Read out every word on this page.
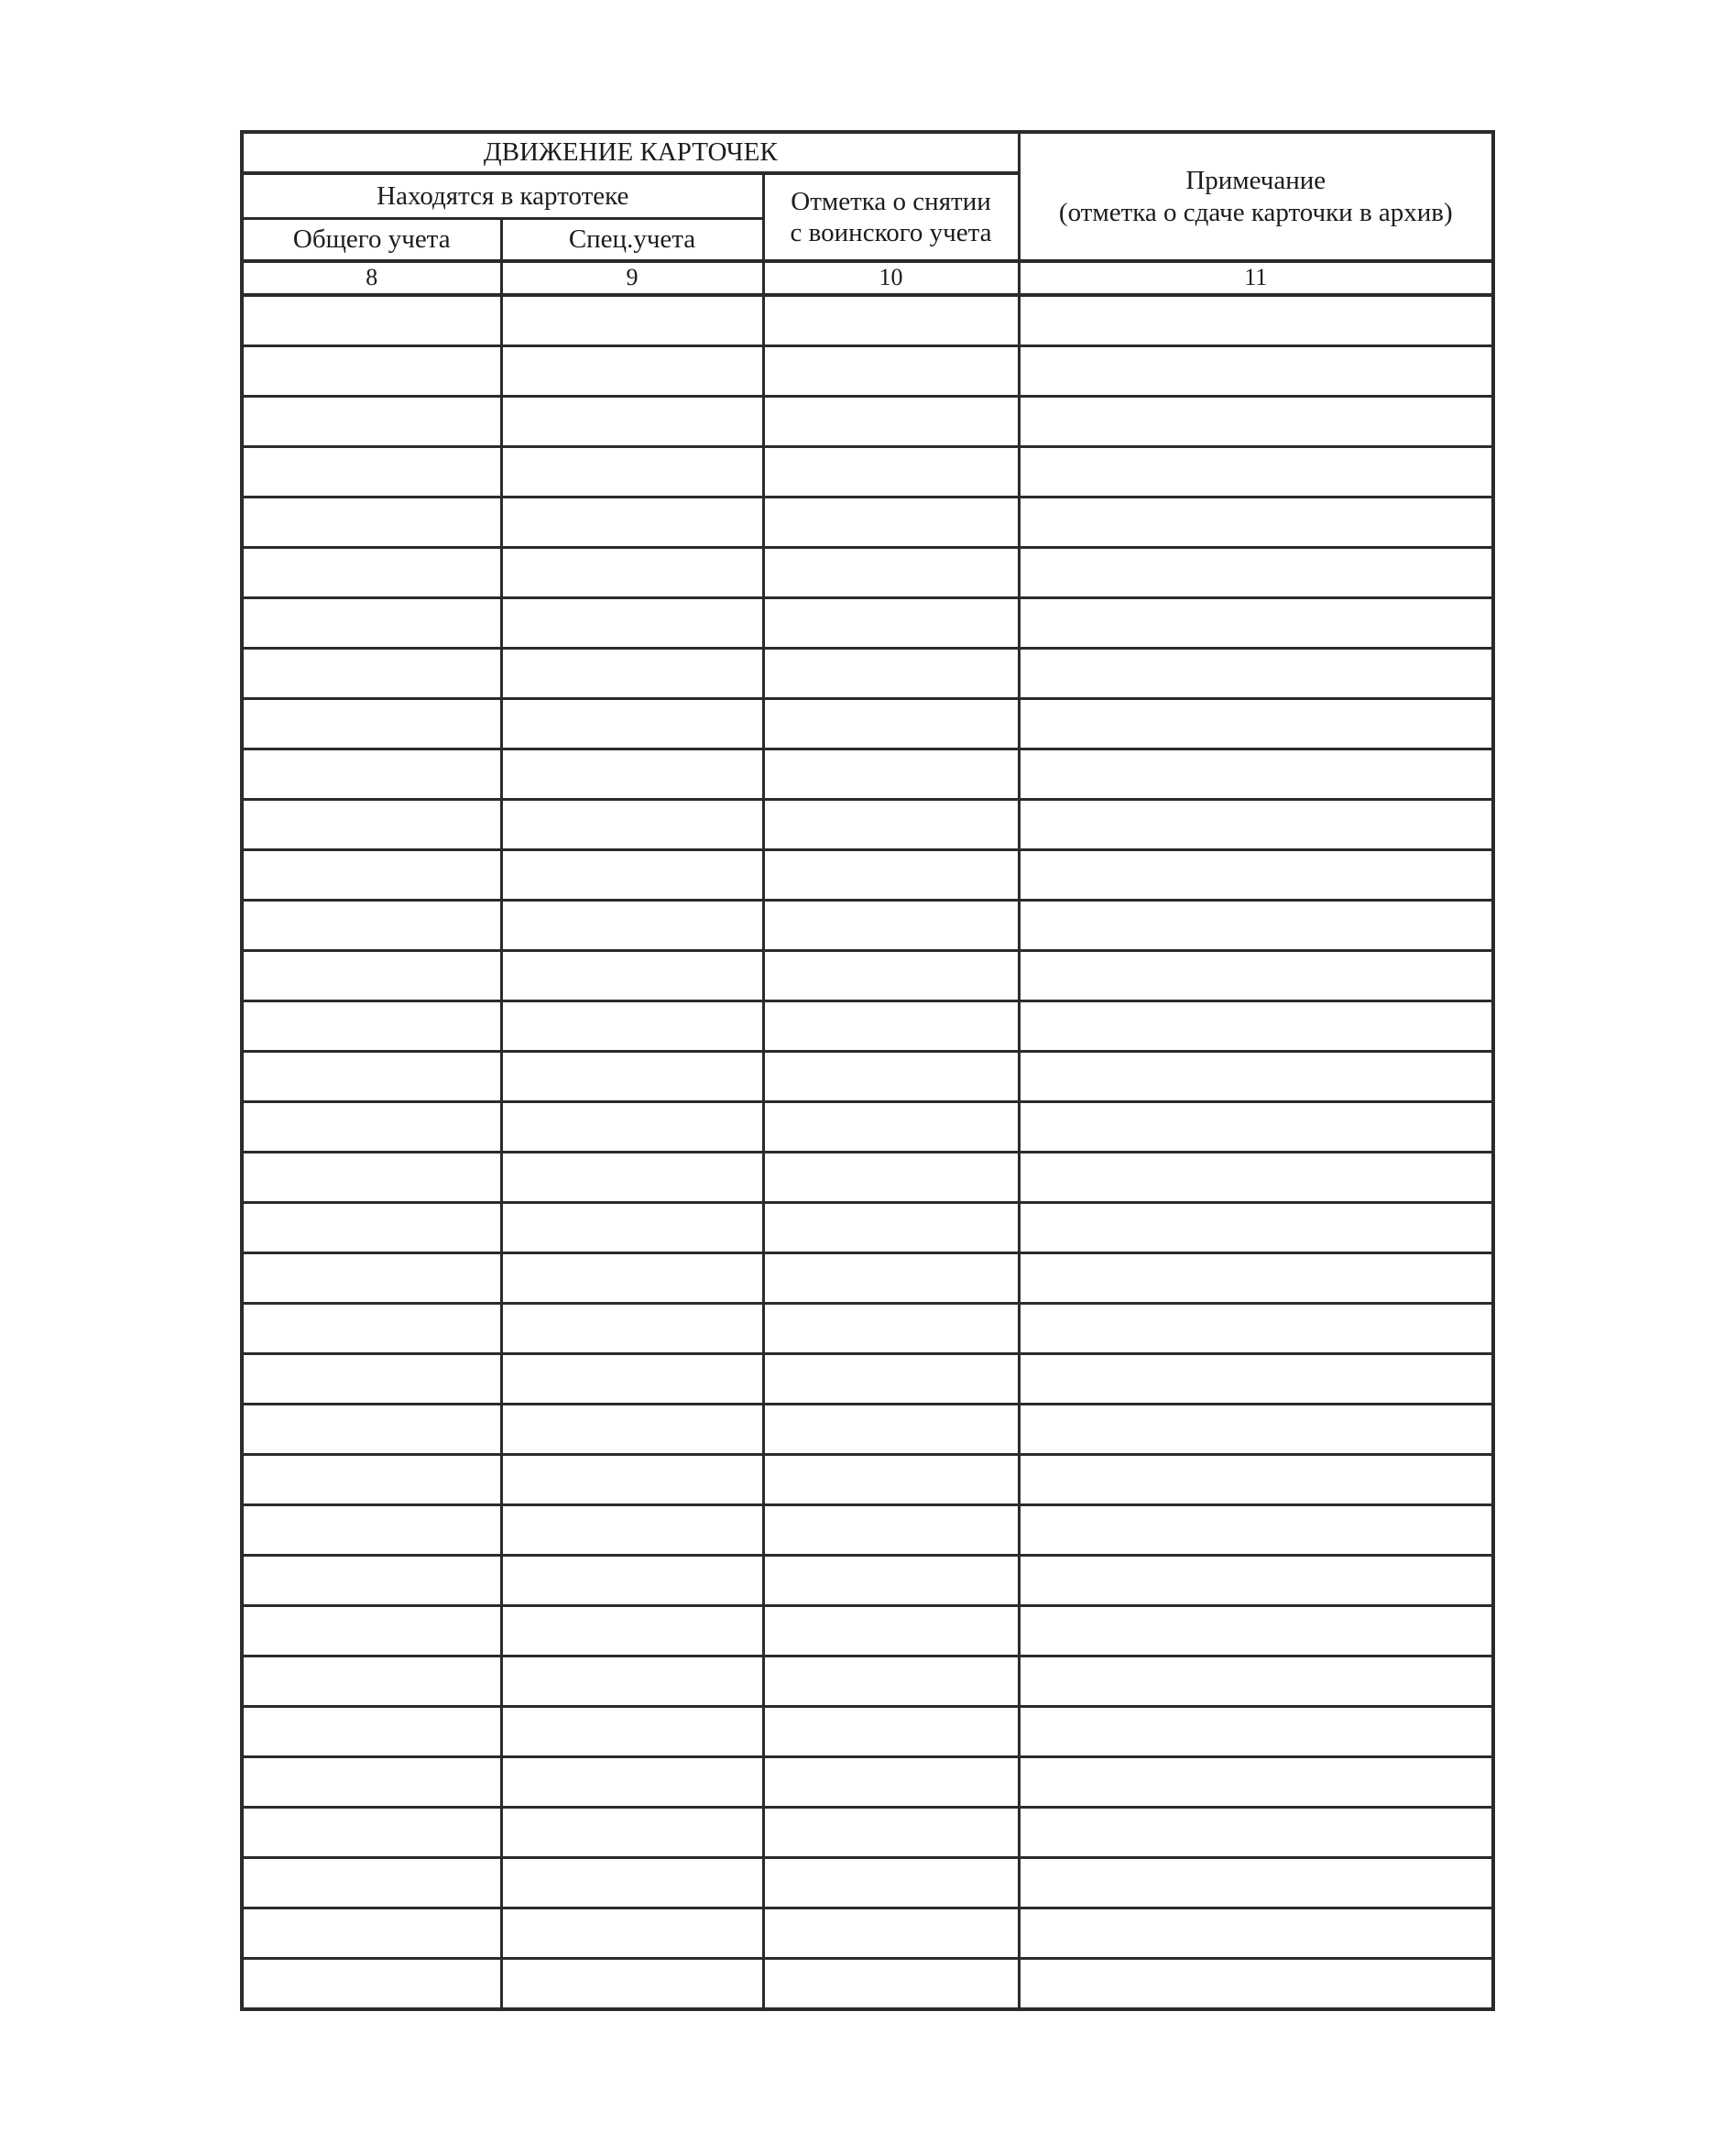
ДВИЖЕНИЕ КАРТОЧЕК			Примечание
(отметка о сдаче карточки в архив)

Находятся в картотеке		Отметка о снятии
с воинского учета	

Общего учета	Спец.учета		
8	9	10	11
